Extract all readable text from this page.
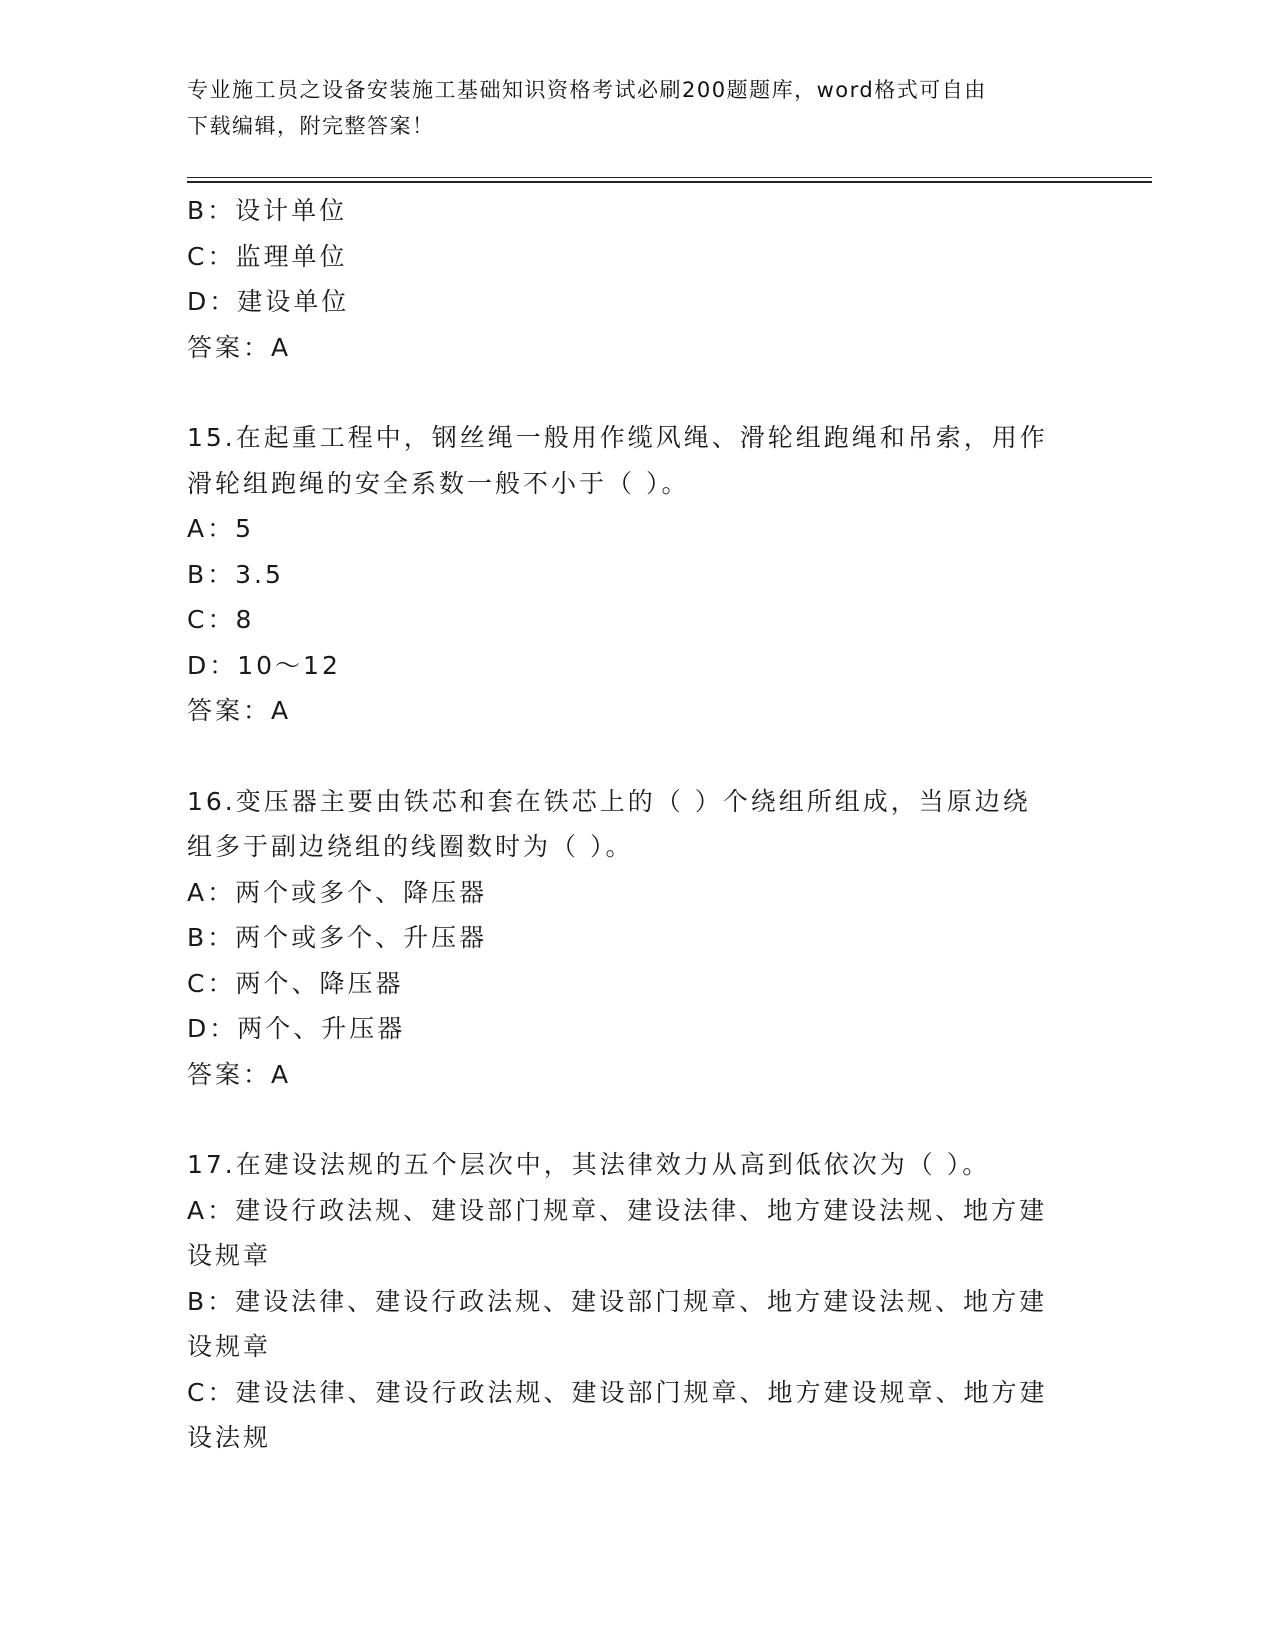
专业施工员之设备安装施工基础知识资格考试必刷200题题库，word格式可自由
下载编辑，附完整答案！
B：设计单位
C：监理单位
D：建设单位
答案：A
15.在起重工程中，钢丝绳一般用作缆风绳、滑轮组跑绳和吊索，用作
滑轮组跑绳的安全系数一般不小于（ ）。
A：5
B：3.5
C：8
D：10～12
答案：A
16.变压器主要由铁芯和套在铁芯上的（ ）个绕组所组成，当原边绕
组多于副边绕组的线圈数时为（ ）。
A：两个或多个、降压器
B：两个或多个、升压器
C：两个、降压器
D：两个、升压器
答案：A
17.在建设法规的五个层次中，其法律效力从高到低依次为（ ）。
A：建设行政法规、建设部门规章、建设法律、地方建设法规、地方建
设规章
B：建设法律、建设行政法规、建设部门规章、地方建设法规、地方建
设规章
C：建设法律、建设行政法规、建设部门规章、地方建设规章、地方建
设法规
